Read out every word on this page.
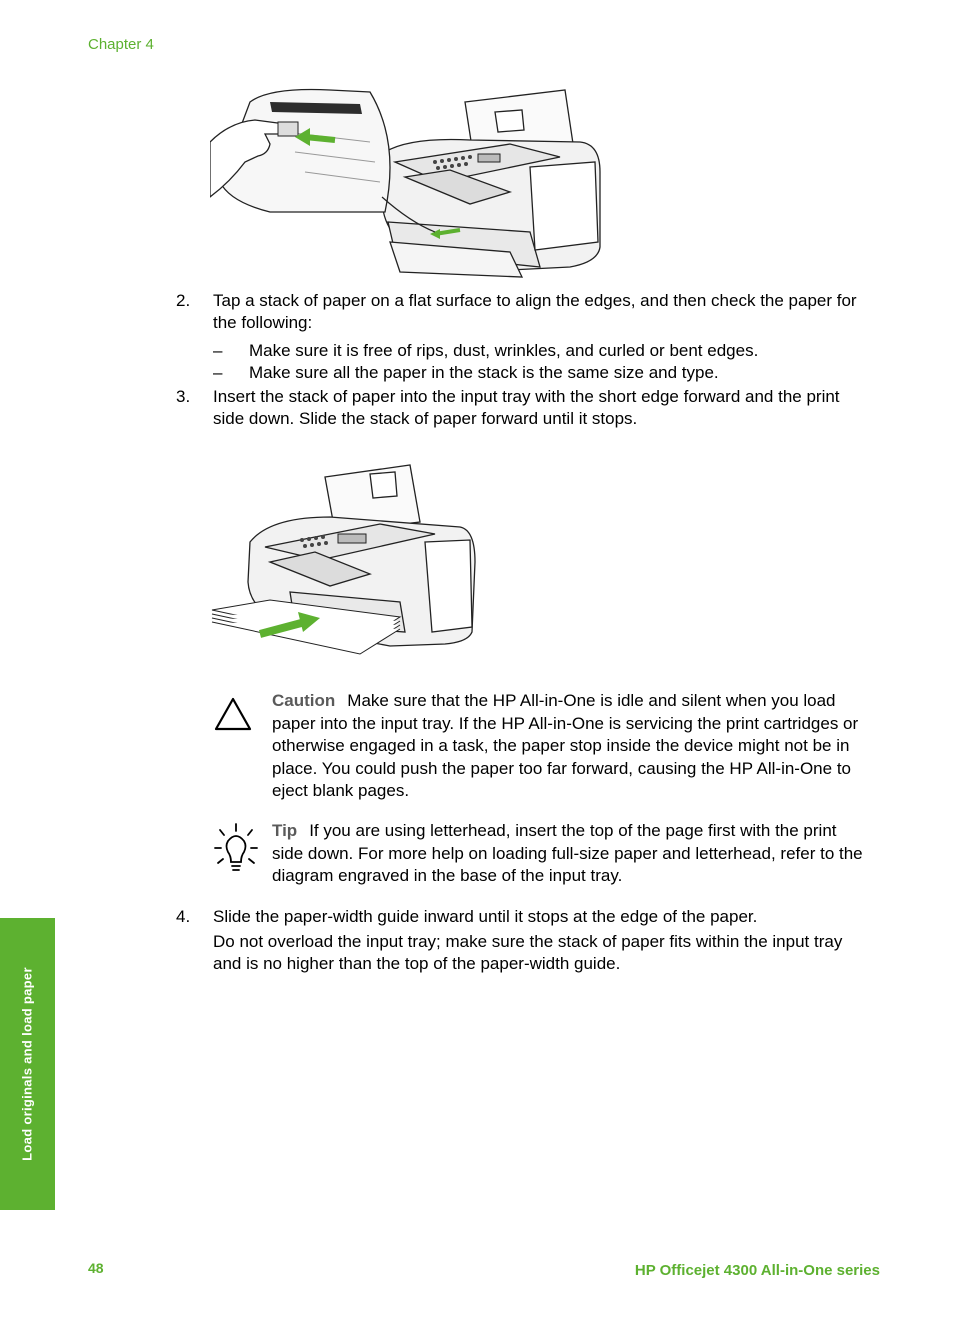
Chapter 4
2. Tap a stack of paper on a flat surface to align the edges, and then check the paper for the following:
– Make sure it is free of rips, dust, wrinkles, and curled or bent edges.
– Make sure all the paper in the stack is the same size and type.
3. Insert the stack of paper into the input tray with the short edge forward and the print side down. Slide the stack of paper forward until it stops.
Caution Make sure that the HP All-in-One is idle and silent when you load paper into the input tray. If the HP All-in-One is servicing the print cartridges or otherwise engaged in a task, the paper stop inside the device might not be in place. You could push the paper too far forward, causing the HP All-in-One to eject blank pages.
Tip If you are using letterhead, insert the top of the page first with the print side down. For more help on loading full-size paper and letterhead, refer to the diagram engraved in the base of the input tray.
4. Slide the paper-width guide inward until it stops at the edge of the paper.
Do not overload the input tray; make sure the stack of paper fits within the input tray and is no higher than the top of the paper-width guide.
Load originals and load paper
48	HP Officejet 4300 All-in-One series
